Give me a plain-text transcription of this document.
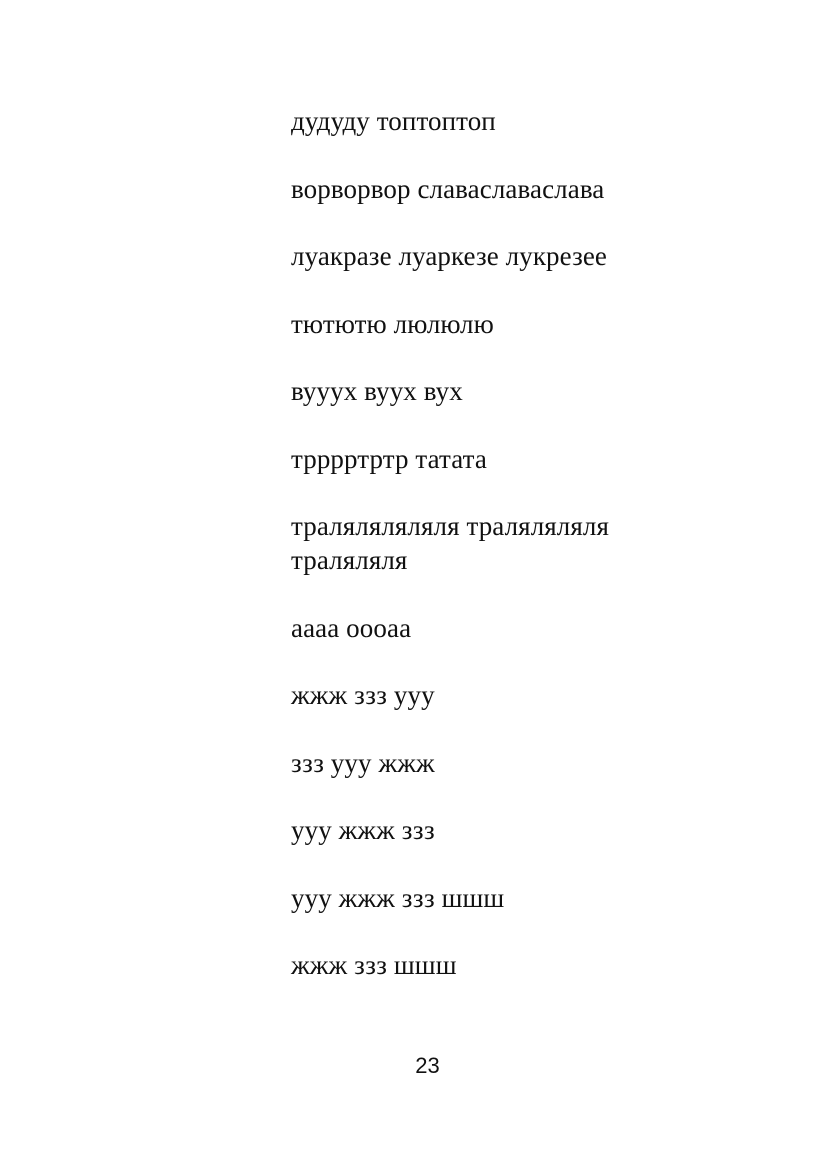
дудуду топтоптоп
ворворвор славаславаслава
луакразе луаркезе лукрезее
тютютю люлюлю
вууух вуух вух
трррртртр татата
траляляляляля траляляляля траляляля
аааа оооаа
жжж ззз ууу
ззз ууу жжж
ууу жжж ззз
ууу жжж ззз шшш
жжж ззз шшш
23
